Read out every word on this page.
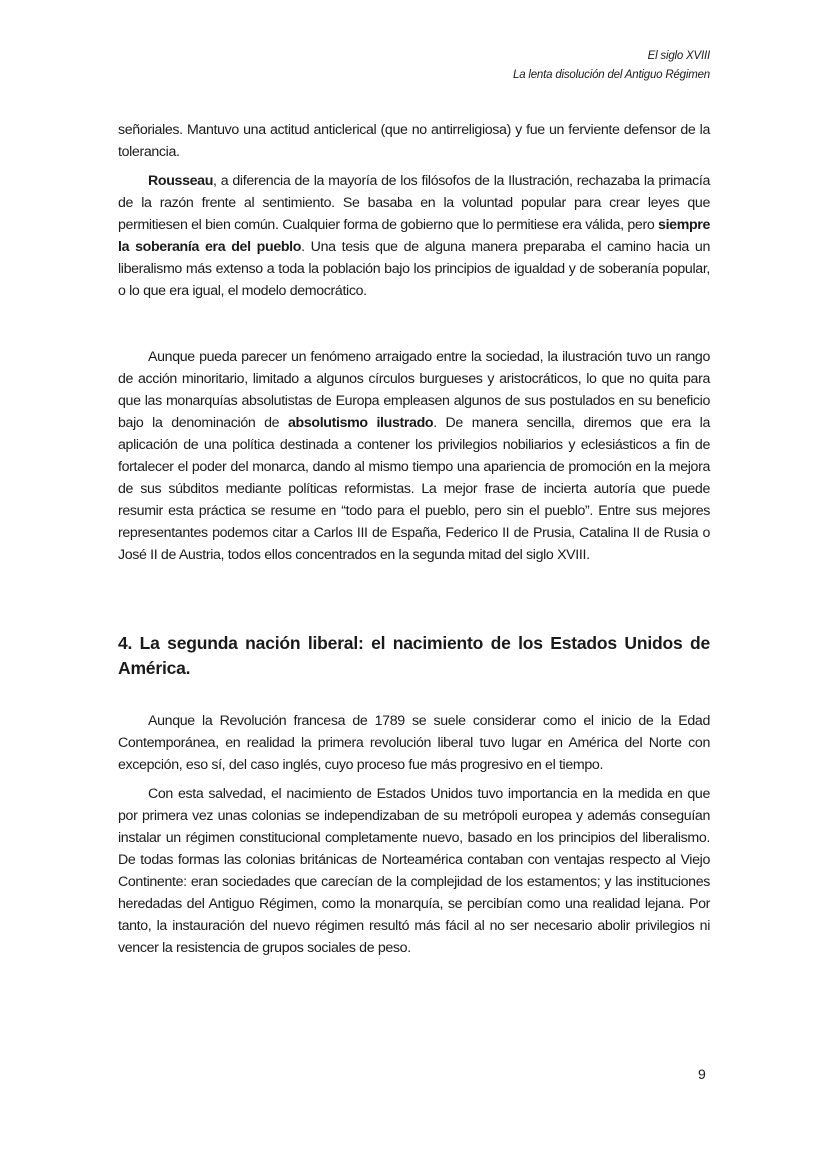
El siglo XVIII
La lenta disolución del Antiguo Régimen

señoriales. Mantuvo una actitud anticlerical (que no antirreligiosa) y fue un ferviente defensor de la tolerancia.

Rousseau, a diferencia de la mayoría de los filósofos de la Ilustración, rechazaba la primacía de la razón frente al sentimiento. Se basaba en la voluntad popular para crear leyes que permitiesen el bien común. Cualquier forma de gobierno que lo permitiese era válida, pero siempre la soberanía era del pueblo. Una tesis que de alguna manera preparaba el camino hacia un liberalismo más extenso a toda la población bajo los principios de igualdad y de soberanía popular, o lo que era igual, el modelo democrático.

Aunque pueda parecer un fenómeno arraigado entre la sociedad, la ilustración tuvo un rango de acción minoritario, limitado a algunos círculos burgueses y aristocráticos, lo que no quita para que las monarquías absolutistas de Europa empleasen algunos de sus postulados en su beneficio bajo la denominación de absolutismo ilustrado. De manera sencilla, diremos que era la aplicación de una política destinada a contener los privilegios nobiliarios y eclesiásticos a fin de fortalecer el poder del monarca, dando al mismo tiempo una apariencia de promoción en la mejora de sus súbditos mediante políticas reformistas. La mejor frase de incierta autoría que puede resumir esta práctica se resume en “todo para el pueblo, pero sin el pueblo”. Entre sus mejores representantes podemos citar a Carlos III de España, Federico II de Prusia, Catalina II de Rusia o José II de Austria, todos ellos concentrados en la segunda mitad del siglo XVIII.

4. La segunda nación liberal: el nacimiento de los Estados Unidos de América.

Aunque la Revolución francesa de 1789 se suele considerar como el inicio de la Edad Contemporánea, en realidad la primera revolución liberal tuvo lugar en América del Norte con excepción, eso sí, del caso inglés, cuyo proceso fue más progresivo en el tiempo.

Con esta salvedad, el nacimiento de Estados Unidos tuvo importancia en la medida en que por primera vez unas colonias se independizaban de su metrópoli europea y además conseguían instalar un régimen constitucional completamente nuevo, basado en los principios del liberalismo. De todas formas las colonias británicas de Norteamérica contaban con ventajas respecto al Viejo Continente: eran sociedades que carecían de la complejidad de los estamentos; y las instituciones heredadas del Antiguo Régimen, como la monarquía, se percibían como una realidad lejana. Por tanto, la instauración del nuevo régimen resultó más fácil al no ser necesario abolir privilegios ni vencer la resistencia de grupos sociales de peso.

9
